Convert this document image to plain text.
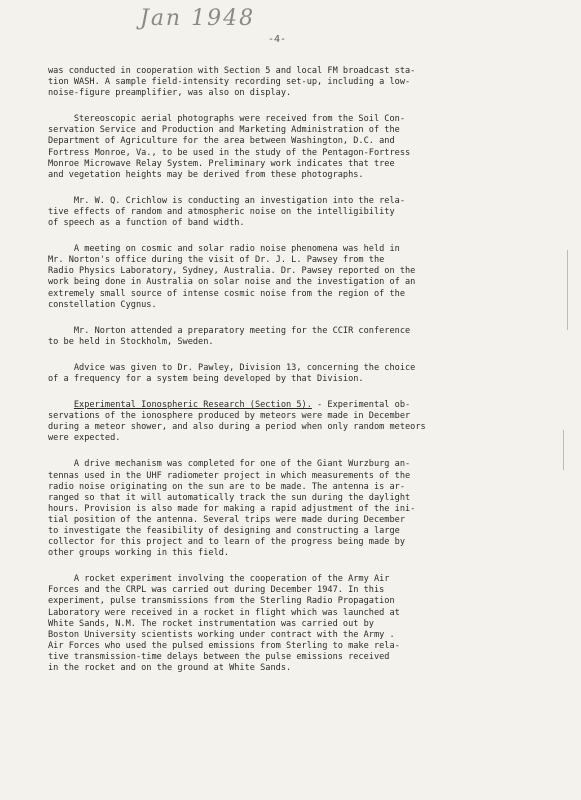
Jan 1948
-4-
was conducted in cooperation with Section 5 and local FM broadcast sta-
tion WASH. A sample field-intensity recording set-up, including a low-
noise-figure preamplifier, was also on display.
Stereoscopic aerial photographs were received from the Soil Con-
servation Service and Production and Marketing Administration of the
Department of Agriculture for the area between Washington, D.C. and
Fortress Monroe, Va., to be used in the study of the Pentagon-Fortress
Monroe Microwave Relay System. Preliminary work indicates that tree
and vegetation heights may be derived from these photographs.
Mr. W. Q. Crichlow is conducting an investigation into the rela-
tive effects of random and atmospheric noise on the intelligibility
of speech as a function of band width.
A meeting on cosmic and solar radio noise phenomena was held in
Mr. Norton's office during the visit of Dr. J. L. Pawsey from the
Radio Physics Laboratory, Sydney, Australia. Dr. Pawsey reported on the
work being done in Australia on solar noise and the investigation of an
extremely small source of intense cosmic noise from the region of the
constellation Cygnus.
Mr. Norton attended a preparatory meeting for the CCIR conference
to be held in Stockholm, Sweden.
Advice was given to Dr. Pawley, Division 13, concerning the choice
of a frequency for a system being developed by that Division.
Experimental Ionospheric Research (Section 5). - Experimental ob-
servations of the ionosphere produced by meteors were made in December
during a meteor shower, and also during a period when only random meteors
were expected.
A drive mechanism was completed for one of the Giant Wurzburg an-
tennas used in the UHF radiometer project in which measurements of the
radio noise originating on the sun are to be made. The antenna is ar-
ranged so that it will automatically track the sun during the daylight
hours. Provision is also made for making a rapid adjustment of the ini-
tial position of the antenna. Several trips were made during December
to investigate the feasibility of designing and constructing a large
collector for this project and to learn of the progress being made by
other groups working in this field.
A rocket experiment involving the cooperation of the Army Air
Forces and the CRPL was carried out during December 1947. In this
experiment, pulse transmissions from the Sterling Radio Propagation
Laboratory were received in a rocket in flight which was launched at
White Sands, N.M. The rocket instrumentation was carried out by
Boston University scientists working under contract with the Army .
Air Forces who used the pulsed emissions from Sterling to make rela-
tive transmission-time delays between the pulse emissions received
in the rocket and on the ground at White Sands.
